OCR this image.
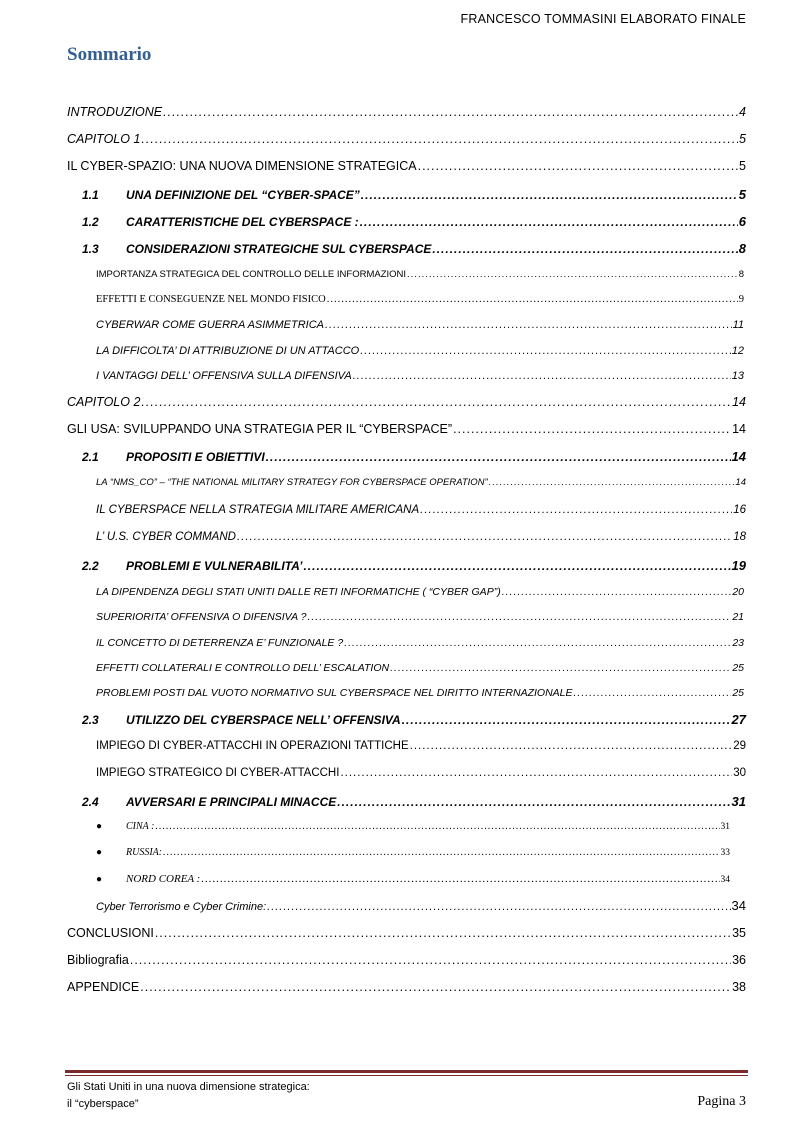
FRANCESCO TOMMASINI ELABORATO FINALE
Sommario
INTRODUZIONE .....	4
CAPITOLO 1 .....	5
IL CYBER-SPAZIO: UNA NUOVA DIMENSIONE STRATEGICA .....	5
1.1 UNA DEFINIZIONE DEL “CYBER-SPACE” .....	5
1.2 CARATTERISTICHE DEL CYBERSPACE : .....	6
1.3 CONSIDERAZIONI STRATEGICHE SUL CYBERSPACE .....	8
IMPORTANZA STRATEGICA DEL CONTROLLO DELLE INFORMAZIONI .....	8
EFFETTI E CONSEGUENZE NEL MONDO FISICO .....	9
CYBERWAR COME GUERRA ASIMMETRICA .....	11
LA DIFFICOLTA’ DI ATTRIBUZIONE DI UN ATTACCO .....	12
I VANTAGGI DELL’ OFFENSIVA SULLA DIFENSIVA .....	13
CAPITOLO 2 .....	14
GLI USA: SVILUPPANDO UNA STRATEGIA PER IL “CYBERSPACE” .....	14
2.1 PROPOSITI E OBIETTIVI .....	14
LA “NMS_CO” – “THE NATIONAL MILITARY STRATEGY FOR CYBERSPACE OPERATION” .....	14
IL CYBERSPACE NELLA STRATEGIA MILITARE AMERICANA .....	16
L’ U.S. CYBER COMMAND .....	18
2.2 PROBLEMI E VULNERABILITA’ .....	19
LA DIPENDENZA DEGLI STATI UNITI DALLE RETI INFORMATICHE ( “CYBER GAP”) .....	20
SUPERIORITA’ OFFENSIVA O DIFENSIVA ? .....	21
IL CONCETTO DI DETERRENZA E’ FUNZIONALE ? .....	23
EFFETTI COLLATERALI E CONTROLLO DELL’ ESCALATION .....	25
PROBLEMI POSTI DAL VUOTO NORMATIVO SUL CYBERSPACE NEL DIRITTO INTERNAZIONALE .....	25
2.3 UTILIZZO DEL CYBERSPACE NELL’ OFFENSIVA .....	27
IMPIEGO DI CYBER-ATTACCHI IN OPERAZIONI TATTICHE .....	29
IMPIEGO STRATEGICO DI CYBER-ATTACCHI .....	30
2.4 AVVERSARI E PRINCIPALI MINACCE .....	31
● CINA : .....	31
● RUSSIA: .....	33
● NORD COREA : .....	34
Cyber Terrorismo e Cyber Crimine: .....	34
CONCLUSIONI .....	35
Bibliografia .....	36
APPENDICE .....	38
Gli Stati Uniti in una nuova dimensione strategica:
il “cyberspace”	Pagina 3
